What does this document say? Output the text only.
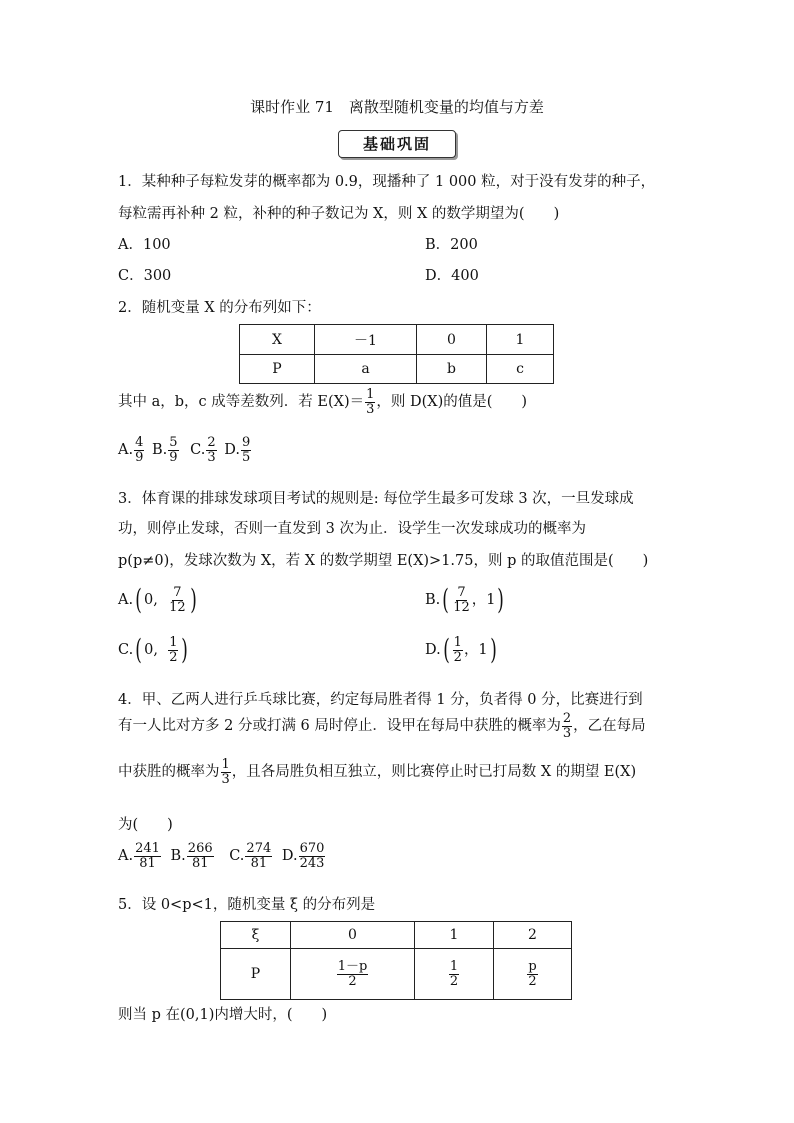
课时作业 71　离散型随机变量的均值与方差
基础巩固
1．某种种子每粒发芽的概率都为 0.9，现播种了 1 000 粒，对于没有发芽的种子，
每粒需再补种 2 粒，补种的种子数记为 X，则 X 的数学期望为(　　)
A．100	B．200
C．300	D．400
2．随机变量 X 的分布列如下：
X	－1	0	1
P	a	b	c
其中 a，b，c 成等差数列．若 $E(X)= \frac{1}{3}$ ，则 D(X)的值是(　　)
A. $\frac{4}{9} B$. $\frac{5}{9} C$. $\frac{2}{3} D$. $\frac{9}{5}$
3．体育课的排球发球项目考试的规则是: 每位学生最多可发球 3 次，一旦发球成
功，则停止发球，否则一直发到 3 次为止．设学生一次发球成功的概率为
p(p≠0)，发球次数为 X，若 X 的数学期望 E(X)>1.75，则 p 的取值范围是(　　)
A.( 0, $\frac{7}{12}$ )	$B.( \frac{7}{12}$ ，1)
C.( 0, $\frac{1}{2}$ )	$D.( \frac{1}{2}$ ，1)
4．甲、乙两人进行乒乓球比赛，约定每局胜者得 1 分，负者得 0 分，比赛进行到
有一人比对方多 2 分或打满 6 局时停止．设甲在每局中获胜的概率为 $\frac{2}{3}$ ，乙在每局
中获胜的概率为 $\frac{1}{3}$ ，且各局胜负相互独立，则比赛停止时已打局数 X 的期望 E(X)
为(　　)
A. $\frac{241}{81} B$. $\frac{266}{81} C$. $\frac{274}{81} D$. $\frac{670}{243}$
5．设 0<p<1，随机变量 ξ 的分布列是
ξ	0	1	2
P	$\frac{1-p}{2}$	$\frac{1}{2}$	$\frac{p}{2}$
则当 p 在(0,1)内增大时，(　　)
